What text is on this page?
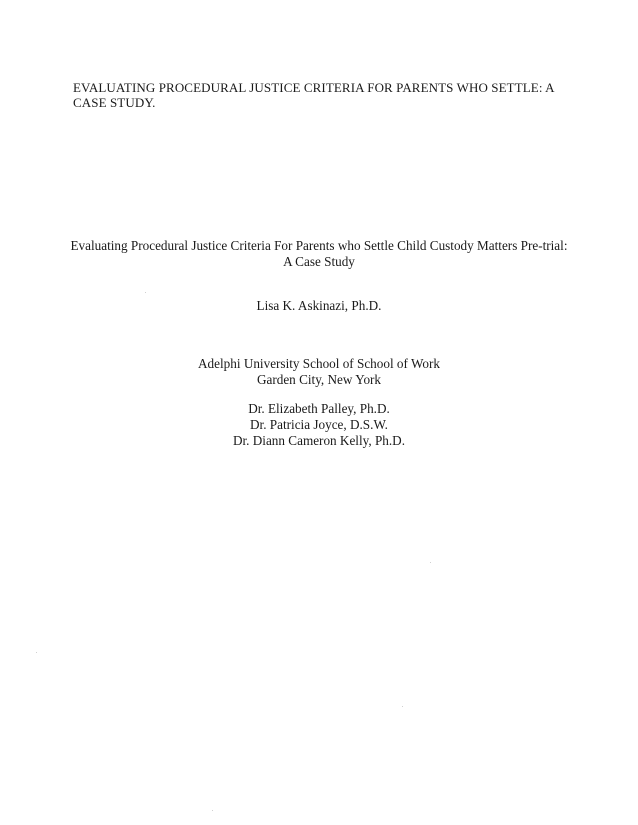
EVALUATING PROCEDURAL JUSTICE CRITERIA FOR PARENTS WHO SETTLE: A
CASE STUDY.
Evaluating Procedural Justice Criteria For Parents who Settle Child Custody Matters Pre-trial:
A Case Study
Lisa K. Askinazi, Ph.D.
Adelphi University School of School of Work
Garden City, New York
Dr. Elizabeth Palley, Ph.D.
Dr. Patricia Joyce, D.S.W.
Dr. Diann Cameron Kelly, Ph.D.
